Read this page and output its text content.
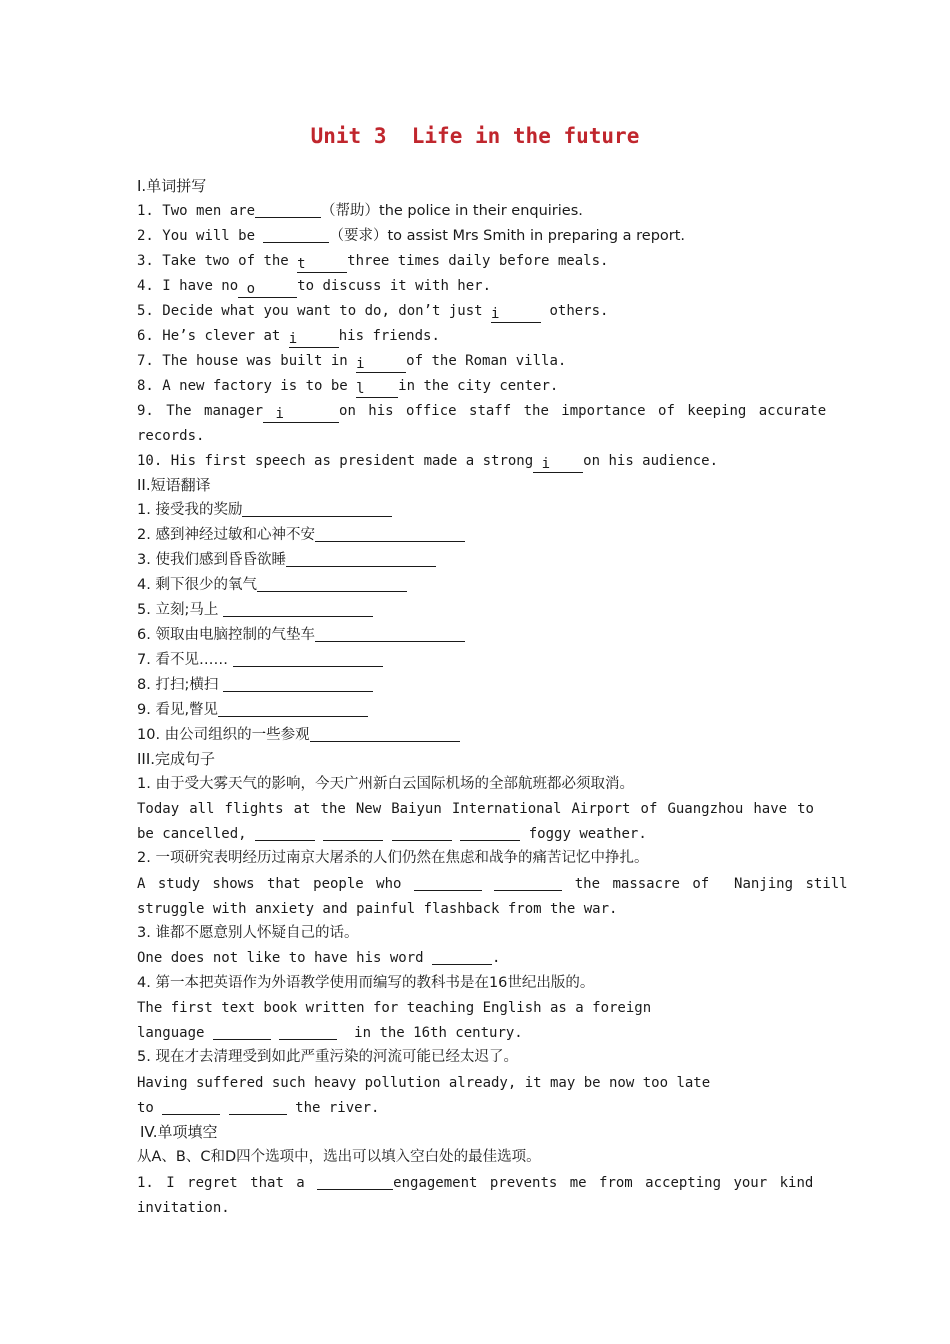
Unit 3  Life in the future
I.单词拼写
1. Two men are	（帮助）the police in their enquiries.
2. You will be	（要求）to assist Mrs Smith in preparing a report.
3. Take two of the t	three times daily before meals.
4. I have no o	to discuss it with her.
5. Decide what you want to do, don’t just i	others.
6. He’s clever at i	his friends.
7. The house was built in i	of the Roman villa.
8. A new factory is to be l in the city center.
9. The manager i	on his office staff the importance of keeping accurate
records.
10. His first speech as president made a strong i on his audience.
II.短语翻译
1. 接受我的奖励
2. 感到神经过敏和心神不安
3. 使我们感到昏昏欲睡
4. 剩下很少的氧气
5. 立刻;马上
6. 领取由电脑控制的气垫车
7. 看不见……
8. 打扫;横扫
9. 看见,瞥见
10. 由公司组织的一些参观
III.完成句子
1. 由于受大雾天气的影响，今天广州新白云国际机场的全部航班都必须取消。
Today all flights at the New Baiyun International Airport of Guangzhou have to
be cancelled,	foggy weather.
2. 一项研究表明经历过南京大屠杀的人们仍然在焦虑和战争的痛苦记忆中挣扎。
A study shows that people who	the massacre of  Nanjing still
struggle with anxiety and painful flashback from the war.
3. 谁都不愿意别人怀疑自己的话。
One does not like to have his word	.
4. 第一本把英语作为外语教学使用而编写的教科书是在16世纪出版的。
The first text book written for teaching English as a foreign
language	in the 16th century.
5. 现在才去清理受到如此严重污染的河流可能已经太迟了。
Having suffered such heavy pollution already, it may be now too late
to	the river.
IV.单项填空
从A、B、C和D四个选项中，选出可以填入空白处的最佳选项。
1. I regret that a	engagement prevents me from accepting your kind
invitation.
